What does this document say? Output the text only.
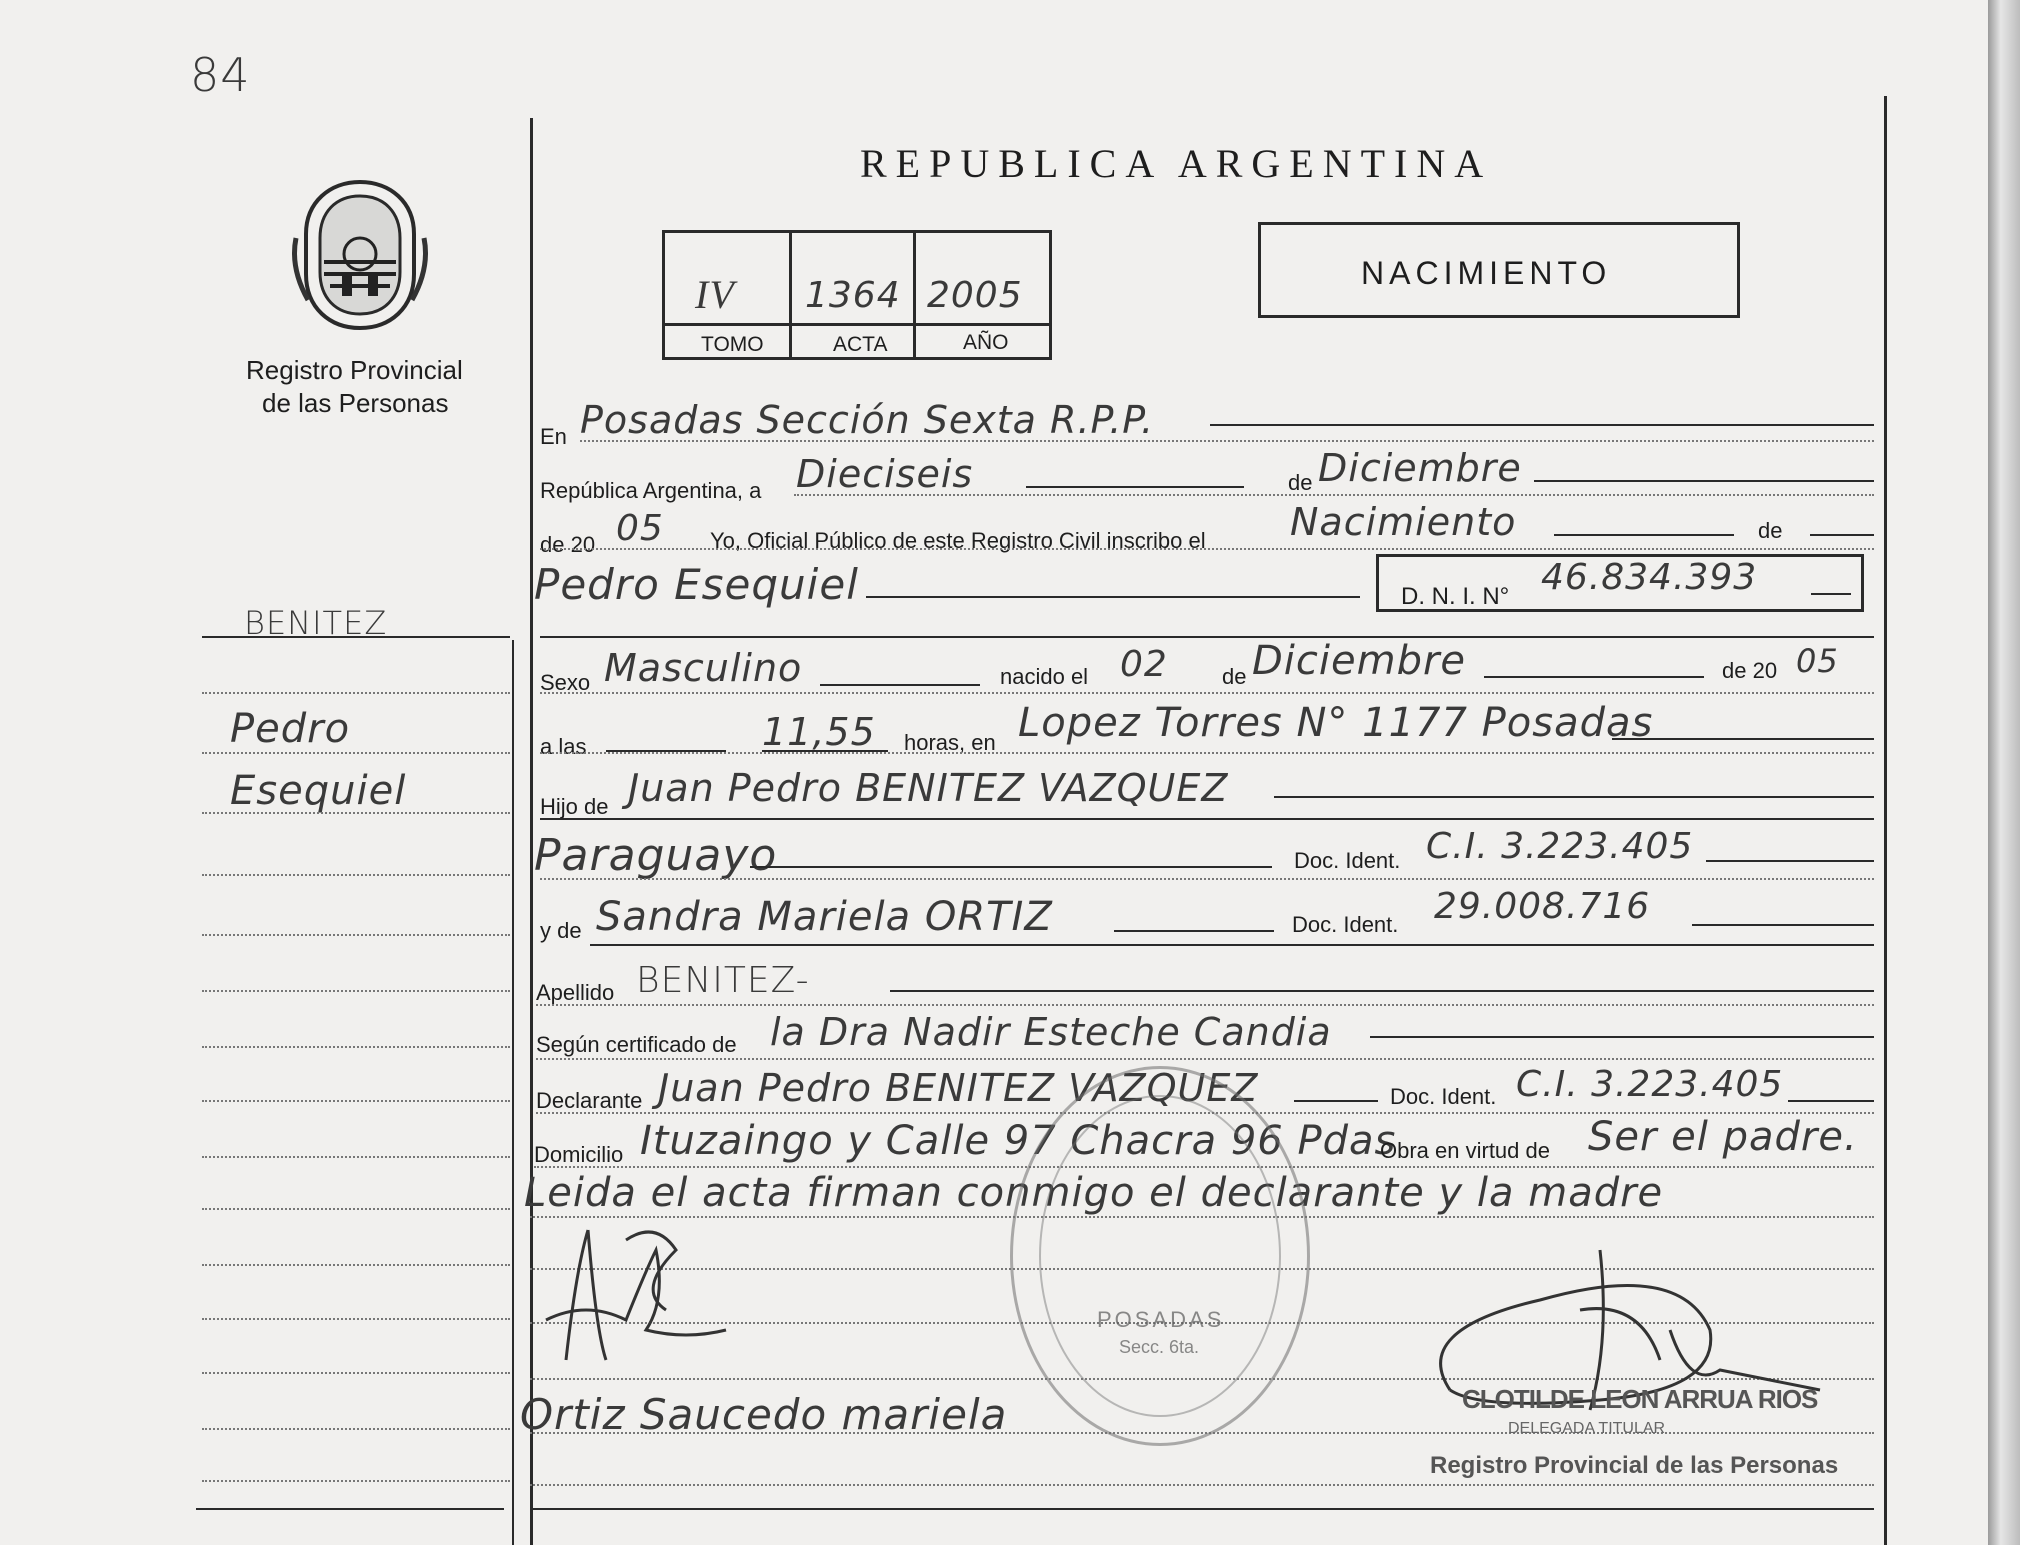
84
Registro Provincial
de las Personas
BENITEZ
Pedro
Esequiel
REPUBLICA ARGENTINA
IV 1364 2005
TOMO	ACTA	AÑO
NACIMIENTO
En Posadas Sección Sexta R.P.P.
República Argentina, a Dieciseis	de Diciembre
de 20 05 Yo, Oficial Público de este Registro Civil inscribo el Nacimiento	de
Pedro Esequiel	D. N. I. N° 46.834.393
Sexo Masculino	nacido el 02 de Diciembre	de 20 05
a las	11,55 horas, en Lopez Torres N° 1177 Posadas
Hijo de Juan Pedro BENITEZ VAZQUEZ
Paraguayo	Doc. Ident. C.I. 3.223.405
y de Sandra Mariela ORTIZ	Doc. Ident. 29.008.716
Apellido BENITEZ-
Según certificado de la Dra Nadir Esteche Candia
Declarante Juan Pedro BENITEZ VAZQUEZ	Doc. Ident. C.I. 3.223.405
Domicilio Ituzaingo y Calle 97 Chacra 96 Pdas
Obra en virtud de Ser el padre.
Leida el acta firman conmigo el declarante y la madre
POSADAS
Secc. 6ta.
Ortiz Saucedo mariela	CLOTILDE LEON ARRUA RIOS
DELEGADA TITULAR
Registro Provincial de las Personas
